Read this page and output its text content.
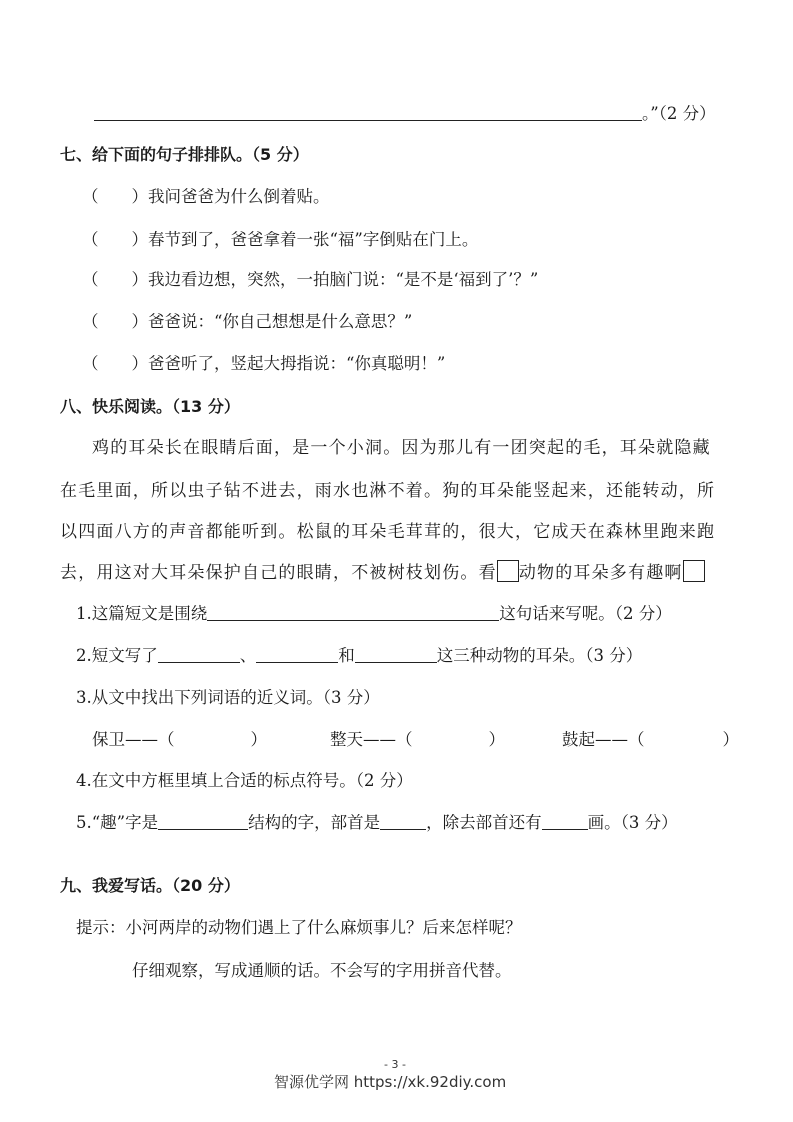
。”（2 分）
七、给下面的句子排排队。（5 分）
（　　）我问爸爸为什么倒着贴。
（　　）春节到了，爸爸拿着一张“福”字倒贴在门上。
（　　）我边看边想，突然，一拍脑门说：“是不是‘福到了’？”
（　　）爸爸说：“你自己想想是什么意思？”
（　　）爸爸听了，竖起大拇指说：“你真聪明！”
八、快乐阅读。（13 分）
鸡的耳朵长在眼睛后面，是一个小洞。因为那儿有一团突起的毛，耳朵就隐藏
在毛里面，所以虫子钻不进去，雨水也淋不着。狗的耳朵能竖起来，还能转动，所
以四面八方的声音都能听到。松鼠的耳朵毛茸茸的，很大，它成天在森林里跑来跑
去，用这对大耳朵保护自己的眼睛，不被树枝划伤。看 动物的耳朵多有趣啊
1.这篇短文是围绕	这句话来写呢。（2 分）
2.短文写了	、	和	这三种动物的耳朵。（3 分）
3.从文中找出下列词语的近义词。（3 分）
保卫——（	）	整天——（	）	鼓起——（	）
4.在文中方框里填上合适的标点符号。（2 分）
5.“趣”字是	结构的字，部首是	，除去部首还有	画。（3 分）
九、我爱写话。（20 分）
提示：小河两岸的动物们遇上了什么麻烦事儿？后来怎样呢？
仔细观察，写成通顺的话。不会写的字用拼音代替。
- 3 -
智源优学网 https://xk.92diy.com
